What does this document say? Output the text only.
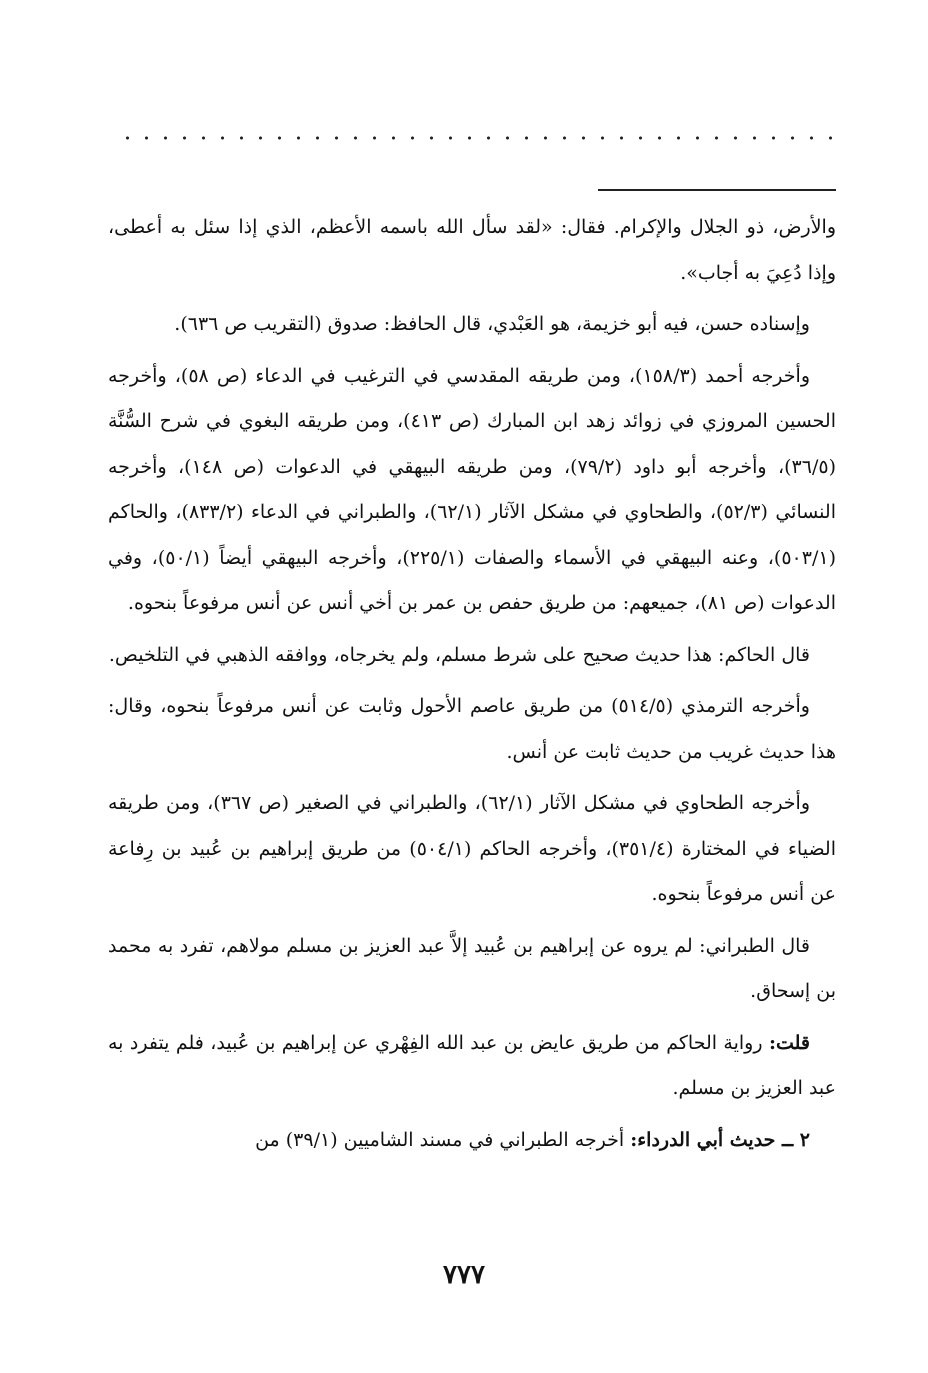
والأرض، ذو الجلال والإكرام. فقال: «لقد سأل الله باسمه الأعظم، الذي إذا سئل به أعطى، وإذا دُعِيَ به أجاب».

وإسناده حسن، فيه أبو خزيمة، هو العَبْدي، قال الحافظ: صدوق (التقريب ص ٦٣٦).

وأخرجه أحمد (١٥٨/٣)، ومن طريقه المقدسي في الترغيب في الدعاء (ص ٥٨)، وأخرجه الحسين المروزي في زوائد زهد ابن المبارك (ص ٤١٣)، ومن طريقه البغوي في شرح السُّنَّة (٣٦/٥)، وأخرجه أبو داود (٧٩/٢)، ومن طريقه البيهقي في الدعوات (ص ١٤٨)، وأخرجه النسائي (٥٢/٣)، والطحاوي في مشكل الآثار (٦٢/١)، والطبراني في الدعاء (٨٣٣/٢)، والحاكم (٥٠٣/١)، وعنه البيهقي في الأسماء والصفات (٢٢٥/١)، وأخرجه البيهقي أيضاً (٥٠/١)، وفي الدعوات (ص ٨١)، جميعهم: من طريق حفص بن عمر بن أخي أنس عن أنس مرفوعاً بنحوه.

قال الحاكم: هذا حديث صحيح على شرط مسلم، ولم يخرجاه، ووافقه الذهبي في التلخيص.

وأخرجه الترمذي (٥١٤/٥) من طريق عاصم الأحول وثابت عن أنس مرفوعاً بنحوه، وقال: هذا حديث غريب من حديث ثابت عن أنس.

وأخرجه الطحاوي في مشكل الآثار (٦٢/١)، والطبراني في الصغير (ص ٣٦٧)، ومن طريقه الضياء في المختارة (٣٥١/٤)، وأخرجه الحاكم (٥٠٤/١) من طريق إبراهيم بن عُبيد بن رِفاعة عن أنس مرفوعاً بنحوه.

قال الطبراني: لم يروه عن إبراهيم بن عُبيد إلاَّ عبد العزيز بن مسلم مولاهم، تفرد به محمد بن إسحاق.

قلت: رواية الحاكم من طريق عايض بن عبد الله الفِهْري عن إبراهيم بن عُبيد، فلم يتفرد به عبد العزيز بن مسلم.

٢ ــ حديث أبي الدرداء: أخرجه الطبراني في مسند الشاميين (٣٩/١) من

٧٧٧
